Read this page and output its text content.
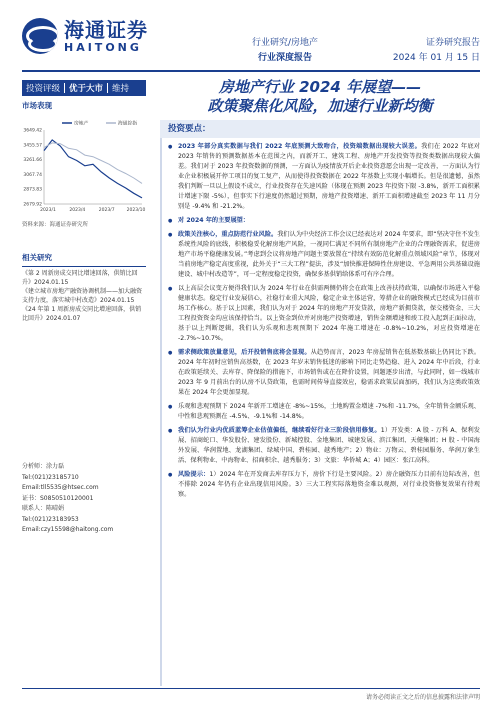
海通证券
HAITONG	行业研究/房地产
行业深度报告
证券研究报告
2024 年 01 月 15 日
投资评级	优于大市	维持	房地产行业 2024 年展望——
政策聚焦化风险，加速行业新均衡
市场表现
3649.42
3455.57
3261.66
3067.74
2873.83
2679.92
2023/1	2023/4	2023/7	2023/10
房地产	海通综指
资料来源：海通证券研究所
相关研究
《第 2 周新房成交同比增速回落，供销比回升》2024.01.15
《建立城市房地产融资协调机制——加大融资支持力度，落实城中村改造》2024.01.15
《24 年第 1 周新房成交同比增速回落，供销比回升》2024.01.07
分析师：涂力磊
Tel:(021)23185710
Email:tll5535@htsec.com
证书：S0850510120001
联系人：陈晴娟
Tel:(021)23183953
Email:czy15598@haitong.com
投资要点：
● 2023 年部分真实数据与我们 2022 年底预测大致吻合，投资端数据出现较大误差。我们在 2022 年底对 2023 年销售的预测数据基本在范围之内，而新开工、建筑工程、房地产开发投资等投资类数据出现较大偏差。我们对于 2023 年投资数据的预测，一方面认为疫情放开后企业投资意愿会出现一定改善，一方面认为行业企业积极展开停工项目的复工复产，从而使得投资数据在 2022 年基数上实现小幅增长。但是很遗憾，虽然我们判断一旦以上假设不成立，行业投资存在失速风险（体现在预测 2023 年投资下限 -3.8%，新开工面积累计增速下限 -5%），但事实下行速度仍然超过预期，房地产投资增速、新开工面积增速截至 2023 年 11 月分别是 -9.4% 和 -21.2%。
● 对 2024 年的主要展望：
● 政策关注核心，重点防范行业风险。我们认为中央经济工作会议已经表达对 2024 年要求，即“坚决守住不发生系统性风险的底线，积极稳妥化解房地产风险，一视同仁满足不同所有制房地产企业的合理融资需求，促进房地产市场平稳健康发展。”考虑到会议将房地产问题主要放置在“持续有效防范化解重点领域风险”章节，体现对当前房地产稳定高度重视，此外关于“三大工程”提法，涉及“加快推进保障性住房建设、平急两用公共基础设施建设、城中村改造等”，可一定程度稳定投资，确保多基供销给体系可有序合理。
● 以上高层会议变方便得我们认为 2024 年行业在供需两侧仍将会在政策上改善扶持政策，以确保市场进入平稳健康状态。稳定行业发展信心，社稳行业重大风险，稳定企业主体运营，筹措企业的融资模式已经成为目前市场工作核心。基于以上因素，我们认为对于 2024 年的房地产开发贷款，房地产新拥贷款，保交楼资金、三大工程投资资金均应该保持恰当。以上资金到位并对房地产投资增速，销售金额增速和竣工投入起到正面拉动，基于以上判断逻辑，我们认为乐观和悲观预期下 2024 年施工增速在 -0.8%~10.2%，对应投资增速在 -2.7%~10.7%。
● 需求侧政策放量意见，后开投销售底将会显现。从趋势而言，2023 年房屋销售在低基数基础上仍同比下跌。2024 年年初时应销售高基数，在 2023 年岁末销售低迷的影响下同比走势趋稳、进入 2024 年中后段，行业在政策延续关、去库存、降保险的措施下，市场销售或在在降价设置，问题逐步出清，与此同时，如一线城市 2023 年 9 月前出台的认房不认贷政策，也需时间传导直接效应，稳需求政策层面加码，我们认为这类政策效果在 2024 年会更加显现。
● 乐观和悲观预期下 2024 年新开工增速在 -8%~15%，土地购置金增速 -7%和 -11.7%，全年销售金额乐观、中性和悲观预测在 -4.5%、-9.1%和 -14.8%。
● 我们认为行业内优质蓝筹企业估值偏低，继续看好行业三阶段信用修复。1）开发类：A 股 - 万科 A、保利发展、招商蛇口、华发股份、建发股份、新城控股、金地集团、城建发展、滨江集团、天健集团；H 股 - 中国海外发展、华润置地、龙湖集团、绿城中国、碧桂园、越秀地产；2）物业：万物云、碧桂园服务、华润万象生活、保利物业、中海物业、招商积余、越秀服务；3）文旅：华侨城 A；4）园区：张江高科。
● 风险提示：1）2024 年在开发商去库存压力下，房价下行是主要风险。2）房企融资压力目前有边际改善，但不排除 2024 年仍有企业出现信用风险。3）三大工程实际落地资金难以观测，对行业投资修复效果有待观察。
请务必阅读正文之后的信息披露和法律声明
